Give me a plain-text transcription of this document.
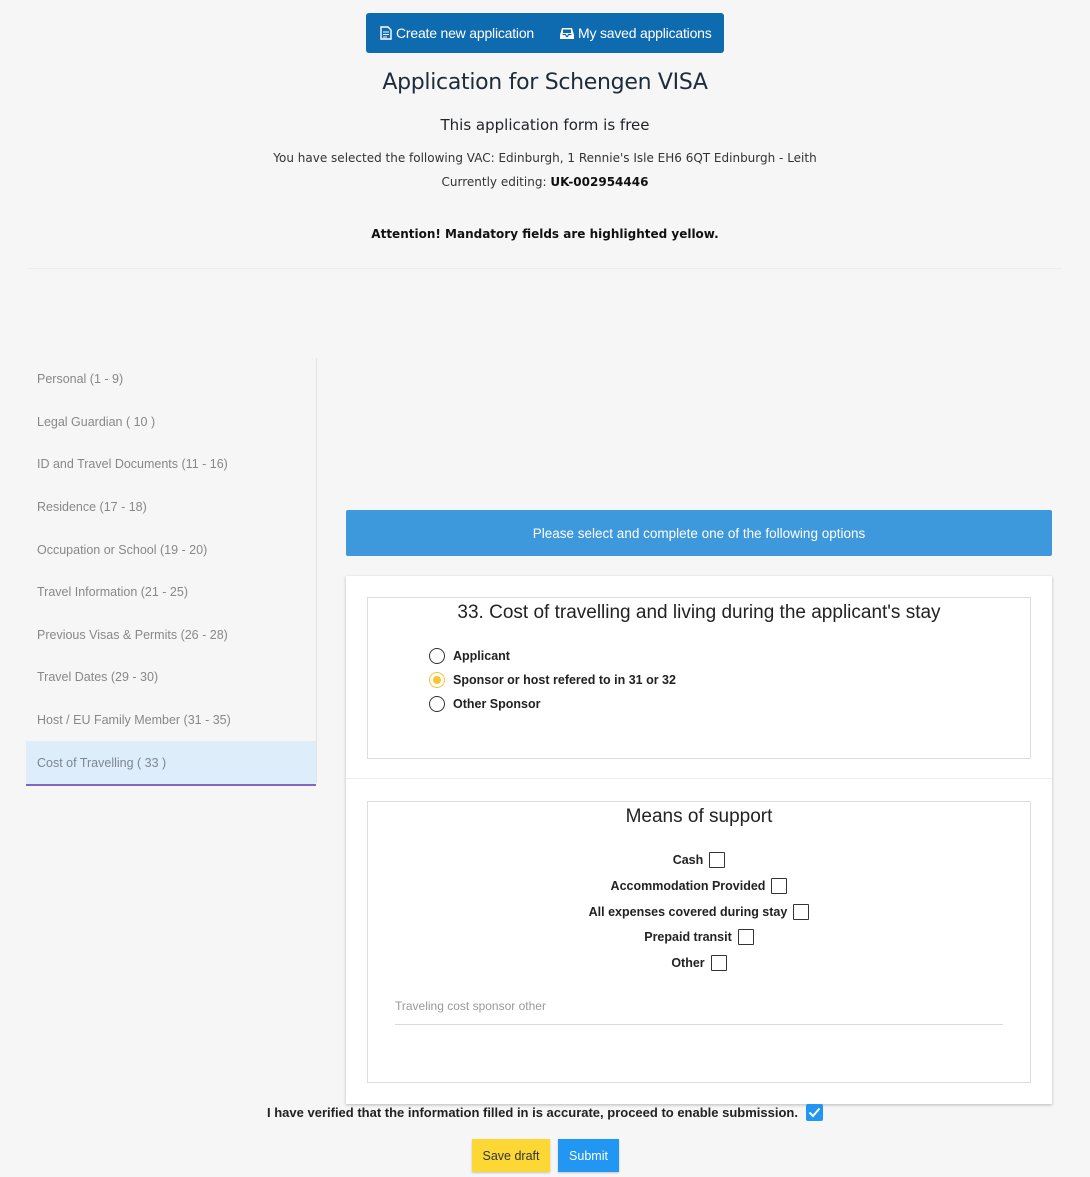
Create new application	My saved applications
Application for Schengen VISA
This application form is free
You have selected the following VAC: Edinburgh, 1 Rennie's Isle EH6 6QT Edinburgh - Leith
Currently editing: UK-002954446
Attention! Mandatory fields are highlighted yellow.
Personal (1 - 9)
Legal Guardian ( 10 )
ID and Travel Documents (11 - 16)
Residence (17 - 18)
Occupation or School (19 - 20)
Travel Information (21 - 25)
Previous Visas & Permits (26 - 28)
Travel Dates (29 - 30)
Host / EU Family Member (31 - 35)
Cost of Travelling ( 33 )
Please select and complete one of the following options
33. Cost of travelling and living during the applicant's stay
Applicant
Sponsor or host refered to in 31 or 32
Other Sponsor
Means of support
Cash
Accommodation Provided
All expenses covered during stay
Prepaid transit
Other
Traveling cost sponsor other
I have verified that the information filled in is accurate, proceed to enable submission.
Save draft Submit
